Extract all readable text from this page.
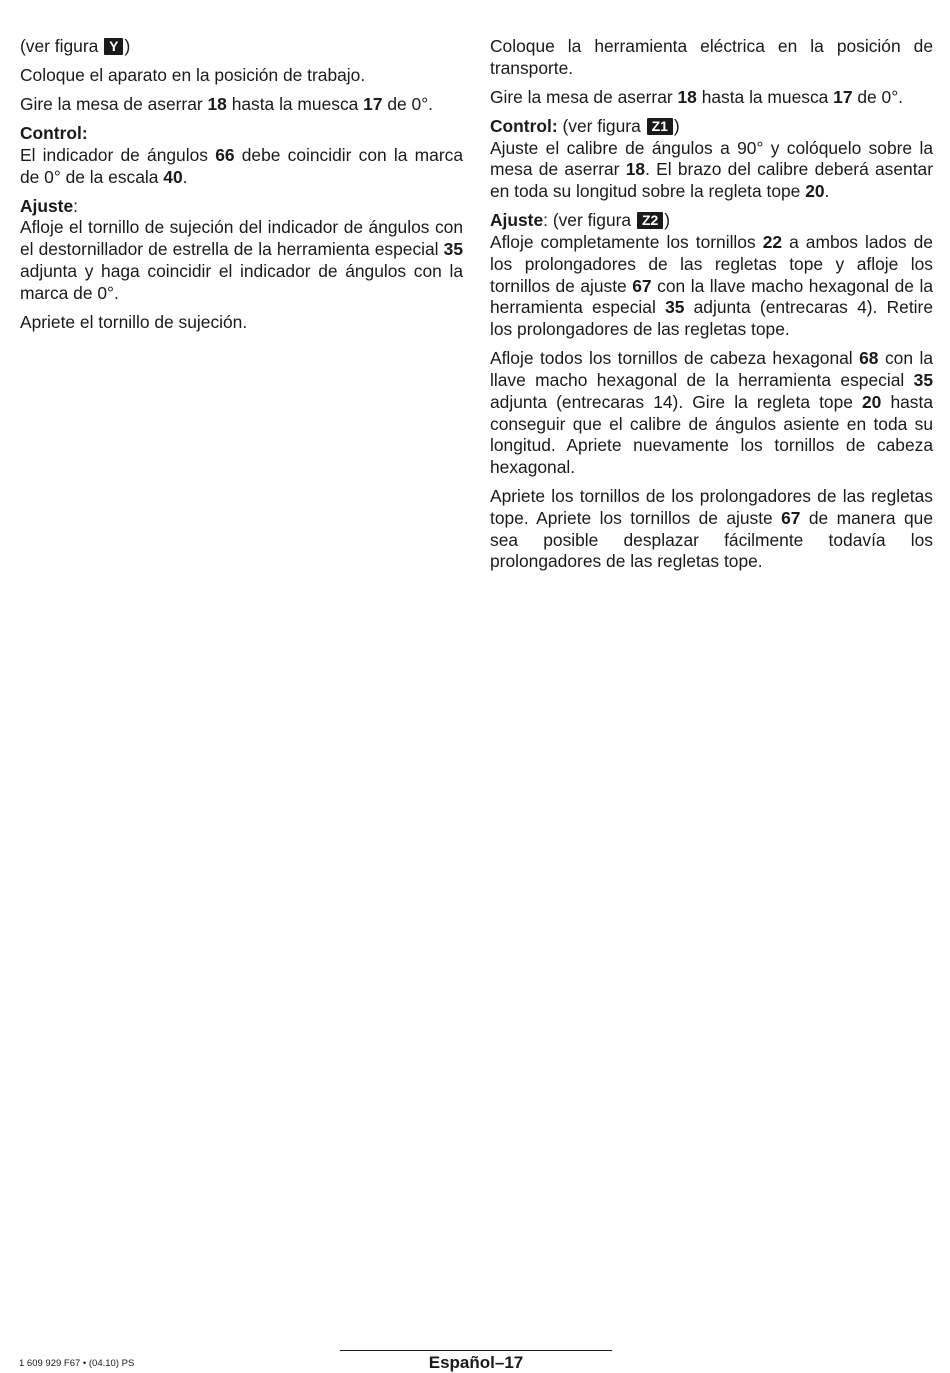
(ver figura Y )

Coloque el aparato en la posición de trabajo.

Gire la mesa de aserrar 18 hasta la muesca 17 de 0°.

Control:

El indicador de ángulos 66 debe coincidir con la marca de 0° de la escala 40.

Ajuste:

Afloje el tornillo de sujeción del indicador de ángulos con el destornillador de estrella de la herramienta especial 35 adjunta y haga coincidir el indicador de ángulos con la marca de 0°.

Apriete el tornillo de sujeción.

Coloque la herramienta eléctrica en la posición de transporte.

Gire la mesa de aserrar 18 hasta la muesca 17 de 0°.

Control: (ver figura Z1 )

Ajuste el calibre de ángulos a 90° y colóquelo sobre la mesa de aserrar 18. El brazo del calibre deberá asentar en toda su longitud sobre la regleta tope 20.

Ajuste: (ver figura Z2 )

Afloje completamente los tornillos 22 a ambos lados de los prolongadores de las regletas tope y afloje los tornillos de ajuste 67 con la llave macho hexagonal de la herramienta especial 35 adjunta (entrecaras 4). Retire los prolongadores de las regletas tope.

Afloje todos los tornillos de cabeza hexagonal 68 con la llave macho hexagonal de la herramienta especial 35 adjunta (entrecaras 14). Gire la regleta tope 20 hasta conseguir que el calibre de ángulos asiente en toda su longitud. Apriete nuevamente los tornillos de cabeza hexagonal.

Apriete los tornillos de los prolongadores de las regletas tope. Apriete los tornillos de ajuste 67 de manera que sea posible desplazar fácilmente todavía los prolongadores de las regletas tope.

1 609 929 F67 • (04.10) PS	Español–17
